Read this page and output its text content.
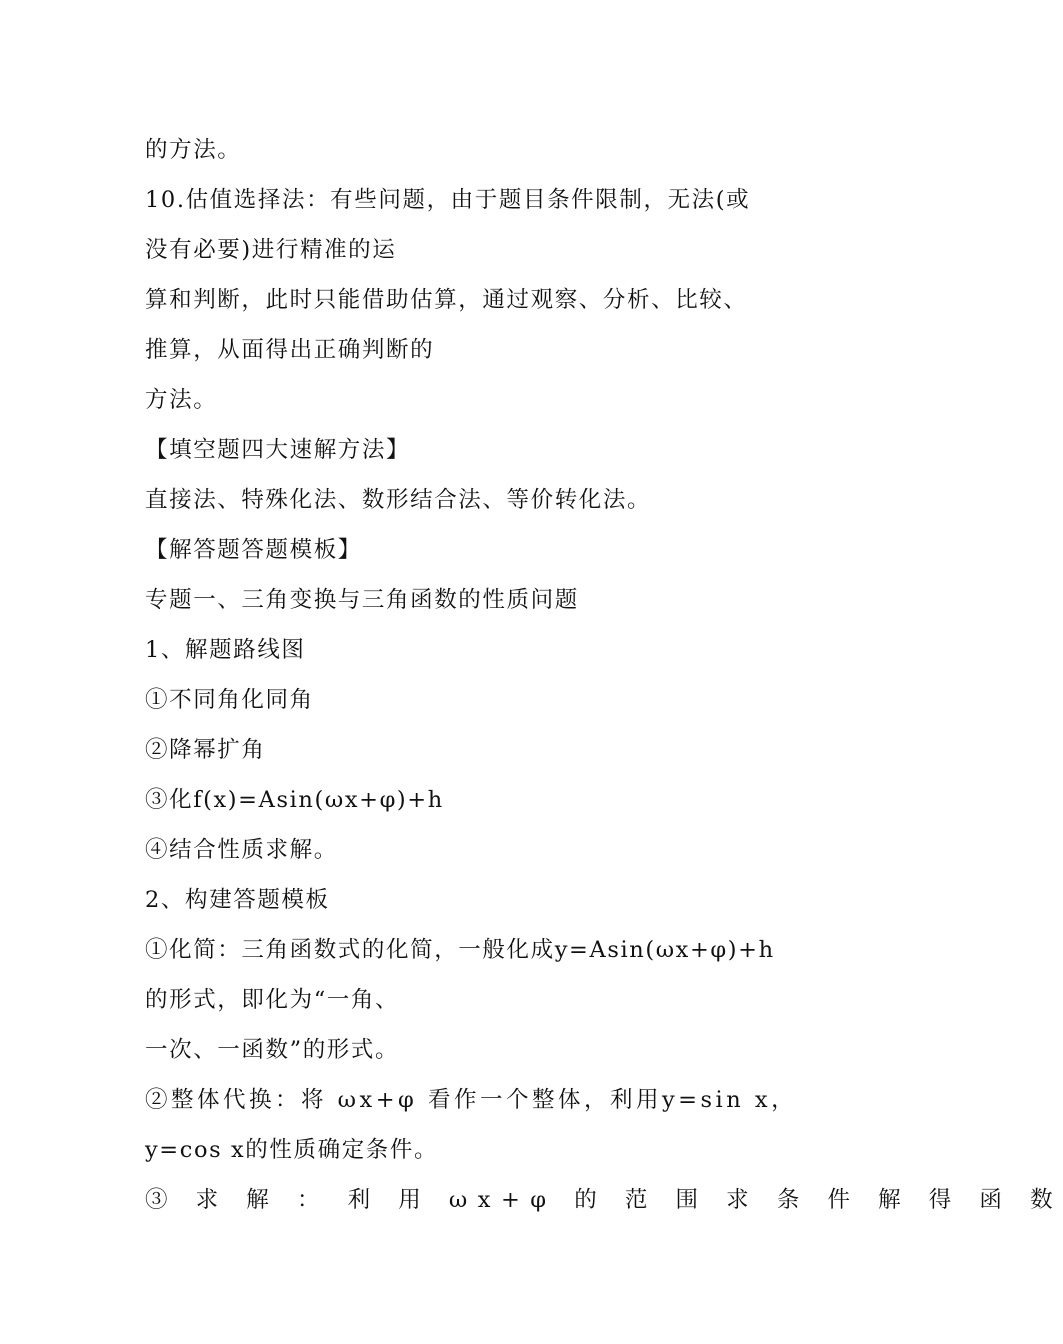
的方法。
10.估值选择法：有些问题，由于题目条件限制，无法(或
没有必要)进行精准的运
算和判断，此时只能借助估算，通过观察、分析、比较、
推算，从面得出正确判断的
方法。
【填空题四大速解方法】
直接法、特殊化法、数形结合法、等价转化法。
【解答题答题模板】
专题一、三角变换与三角函数的性质问题
1、解题路线图
①不同角化同角
②降幂扩角
③化f(x)=Asin(ωx+φ)+h
④结合性质求解。
2、构建答题模板
①化简：三角函数式的化简，一般化成y=Asin(ωx+φ)+h
的形式，即化为“一角、
一次、一函数”的形式。
②整体代换：将 ωx+φ 看作一个整体，利用y=sin x，
y=cos x的性质确定条件。
③ 求 解 ： 利 用 ωx+φ 的 范 围 求 条 件 解 得 函 数
